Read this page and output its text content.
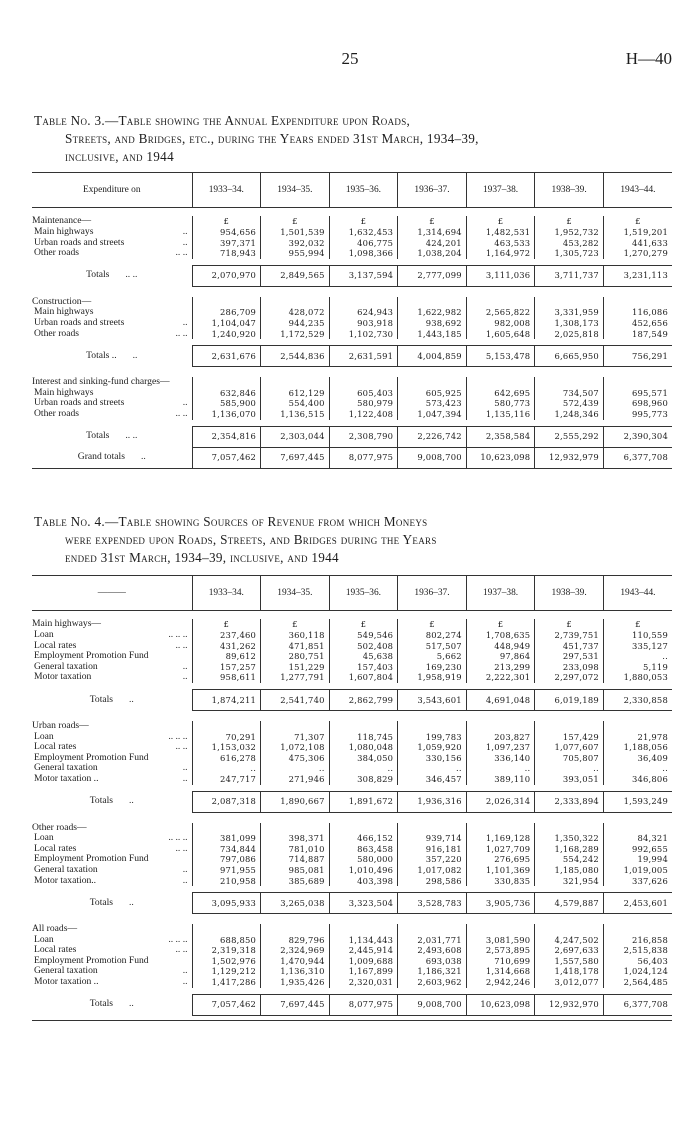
25	H—40
Table No. 3.—Table showing the Annual Expenditure upon Roads,
Streets, and Bridges, etc., during the Years ended 31st March, 1934–39,
inclusive, and 1944
Expenditure on	1933–34.	1934–35.	1935–36.	1936–37.	1937–38.	1938–39.	1943–44.

Maintenance—	£	£	£	£	£	£	£

Main highways ..	954,656	1,501,539	1,632,453	1,314,694	1,482,531	1,952,732	1,519,201

Urban roads and streets ..	397,371	392,032	406,775	424,201	463,533	453,282	441,633

Other roads .. ..	718,943	955,994	1,098,366	1,038,204	1,164,972	1,305,723	1,270,279

Totals .. ..	2,070,970	2,849,565	3,137,594	2,777,099	3,111,036	3,711,737	3,231,113

Construction—							

Main highways	286,709	428,072	624,943	1,622,982	2,565,822	3,331,959	116,086

Urban roads and streets ..	1,104,047	944,235	903,918	938,692	982,008	1,308,173	452,656

Other roads .. ..	1,240,920	1,172,529	1,102,730	1,443,185	1,605,648	2,025,818	187,549

Totals .. ..	2,631,676	2,544,836	2,631,591	4,004,859	5,153,478	6,665,950	756,291

Interest and sinking-fund charges—							

Main highways	632,846	612,129	605,403	605,925	642,695	734,507	695,571

Urban roads and streets ..	585,900	554,400	580,979	573,423	580,773	572,439	698,960

Other roads .. ..	1,136,070	1,136,515	1,122,408	1,047,394	1,135,116	1,248,346	995,773

Totals .. ..	2,354,816	2,303,044	2,308,790	2,226,742	2,358,584	2,555,292	2,390,304
Grand totals ..	7,057,462	7,697,445	8,077,975	9,008,700	10,623,098	12,932,979	6,377,708
Table No. 4.—Table showing Sources of Revenue from which Moneys
were expended upon Roads, Streets, and Bridges during the Years
ended 31st March, 1934–39, inclusive, and 1944
———	1933–34.	1934–35.	1935–36.	1936–37.	1937–38.	1938–39.	1943–44.

Main highways—	£	£	£	£	£	£	£

Loan .. .. ..	237,460	360,118	549,546	802,274	1,708,635	2,739,751	110,559

Local rates .. ..	431,262	471,851	502,408	517,507	448,949	451,737	335,127

Employment Promotion Fund	89,612	280,751	45,638	5,662	97,864	297,531	..

General taxation ..	157,257	151,229	157,403	169,230	213,299	233,098	5,119

Motor taxation ..	958,611	1,277,791	1,607,804	1,958,919	2,222,301	2,297,072	1,880,053

Totals ..	1,874,211	2,541,740	2,862,799	3,543,601	4,691,048	6,019,189	2,330,858

Urban roads—							

Loan .. .. ..	70,291	71,307	118,745	199,783	203,827	157,429	21,978

Local rates .. ..	1,153,032	1,072,108	1,080,048	1,059,920	1,097,237	1,077,607	1,188,056

Employment Promotion Fund	616,278	475,306	384,050	330,156	336,140	705,807	36,409

General taxation ..	..	..	..	..	..	..	..

Motor taxation .. ..	247,717	271,946	308,829	346,457	389,110	393,051	346,806

Totals ..	2,087,318	1,890,667	1,891,672	1,936,316	2,026,314	2,333,894	1,593,249

Other roads—							

Loan .. .. ..	381,099	398,371	466,152	939,714	1,169,128	1,350,322	84,321

Local rates .. ..	734,844	781,010	863,458	916,181	1,027,709	1,168,289	992,655

Employment Promotion Fund	797,086	714,887	580,000	357,220	276,695	554,242	19,994

General taxation ..	971,955	985,081	1,010,496	1,017,082	1,101,369	1,185,080	1,019,005

Motor taxation.. ..	210,958	385,689	403,398	298,586	330,835	321,954	337,626

Totals ..	3,095,933	3,265,038	3,323,504	3,528,783	3,905,736	4,579,887	2,453,601

All roads—							

Loan .. .. ..	688,850	829,796	1,134,443	2,031,771	3,081,590	4,247,502	216,858

Local rates .. ..	2,319,318	2,324,969	2,445,914	2,493,608	2,573,895	2,697,633	2,515,838

Employment Promotion Fund	1,502,976	1,470,944	1,009,688	693,038	710,699	1,557,580	56,403

General taxation ..	1,129,212	1,136,310	1,167,899	1,186,321	1,314,668	1,418,178	1,024,124

Motor taxation .. ..	1,417,286	1,935,426	2,320,031	2,603,962	2,942,246	3,012,077	2,564,485

Totals ..	7,057,462	7,697,445	8,077,975	9,008,700	10,623,098	12,932,970	6,377,708
